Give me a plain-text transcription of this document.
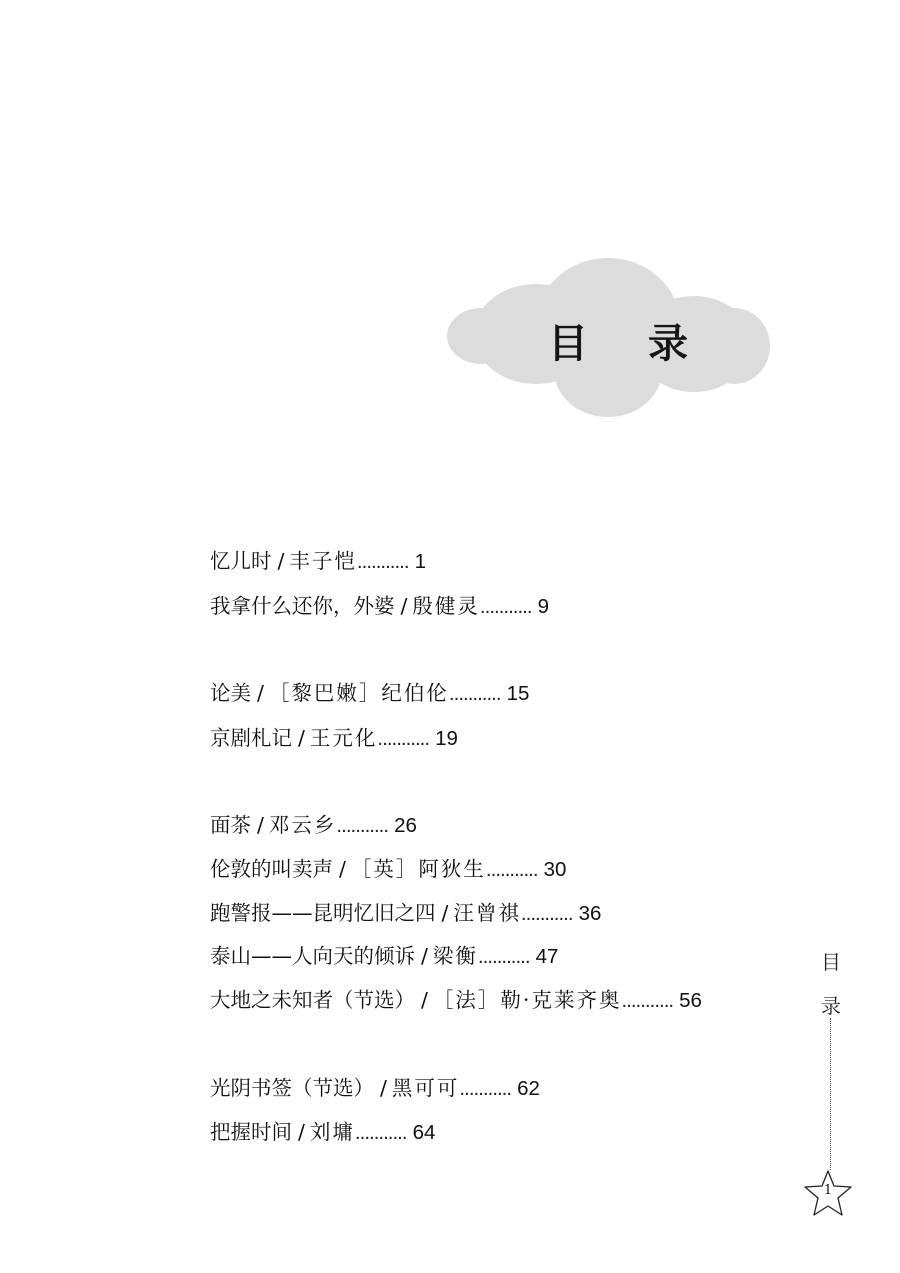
目 录
忆儿时 / 丰子恺........... 1
我拿什么还你，外婆 / 殷健灵........... 9
论美 / ［黎巴嫩］纪伯伦........... 15
京剧札记 / 王元化........... 19
面茶 / 邓云乡........... 26
伦敦的叫卖声 / ［英］阿狄生........... 30
跑警报——昆明忆旧之四 / 汪曾祺........... 36
泰山——人向天的倾诉 / 梁衡........... 47
大地之未知者（节选） / ［法］勒·克莱齐奥........... 56
光阴书签（节选） / 黑可可........... 62
把握时间 / 刘墉........... 64
目
录
1
